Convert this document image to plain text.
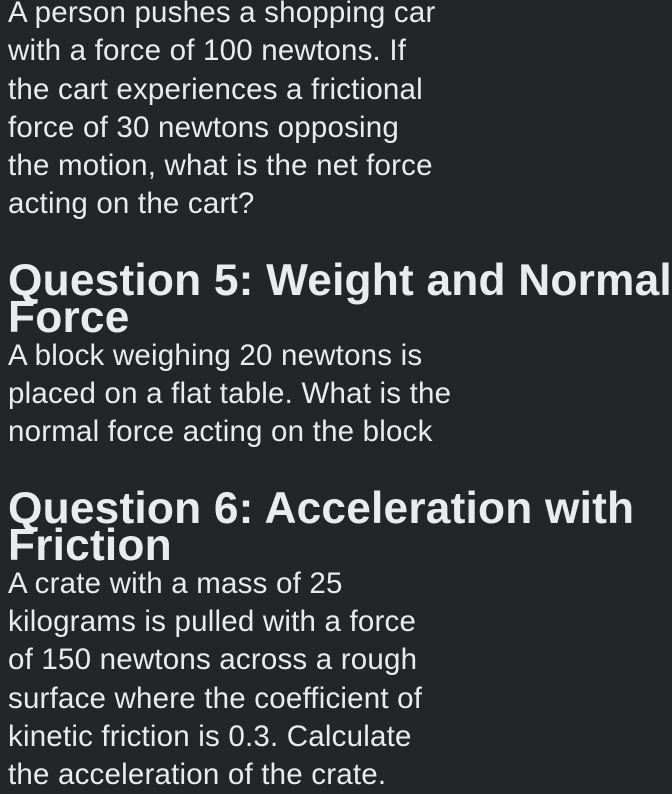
A person pushes a shopping car
with a force of 100 newtons. If
the cart experiences a frictional
force of 30 newtons opposing
the motion, what is the net force
acting on the cart?

Question 5: Weight and Normal
Force

A block weighing 20 newtons is
placed on a flat table. What is the
normal force acting on the block

Question 6: Acceleration with
Friction

A crate with a mass of 25
kilograms is pulled with a force
of 150 newtons across a rough
surface where the coefficient of
kinetic friction is 0.3. Calculate
the acceleration of the crate.
